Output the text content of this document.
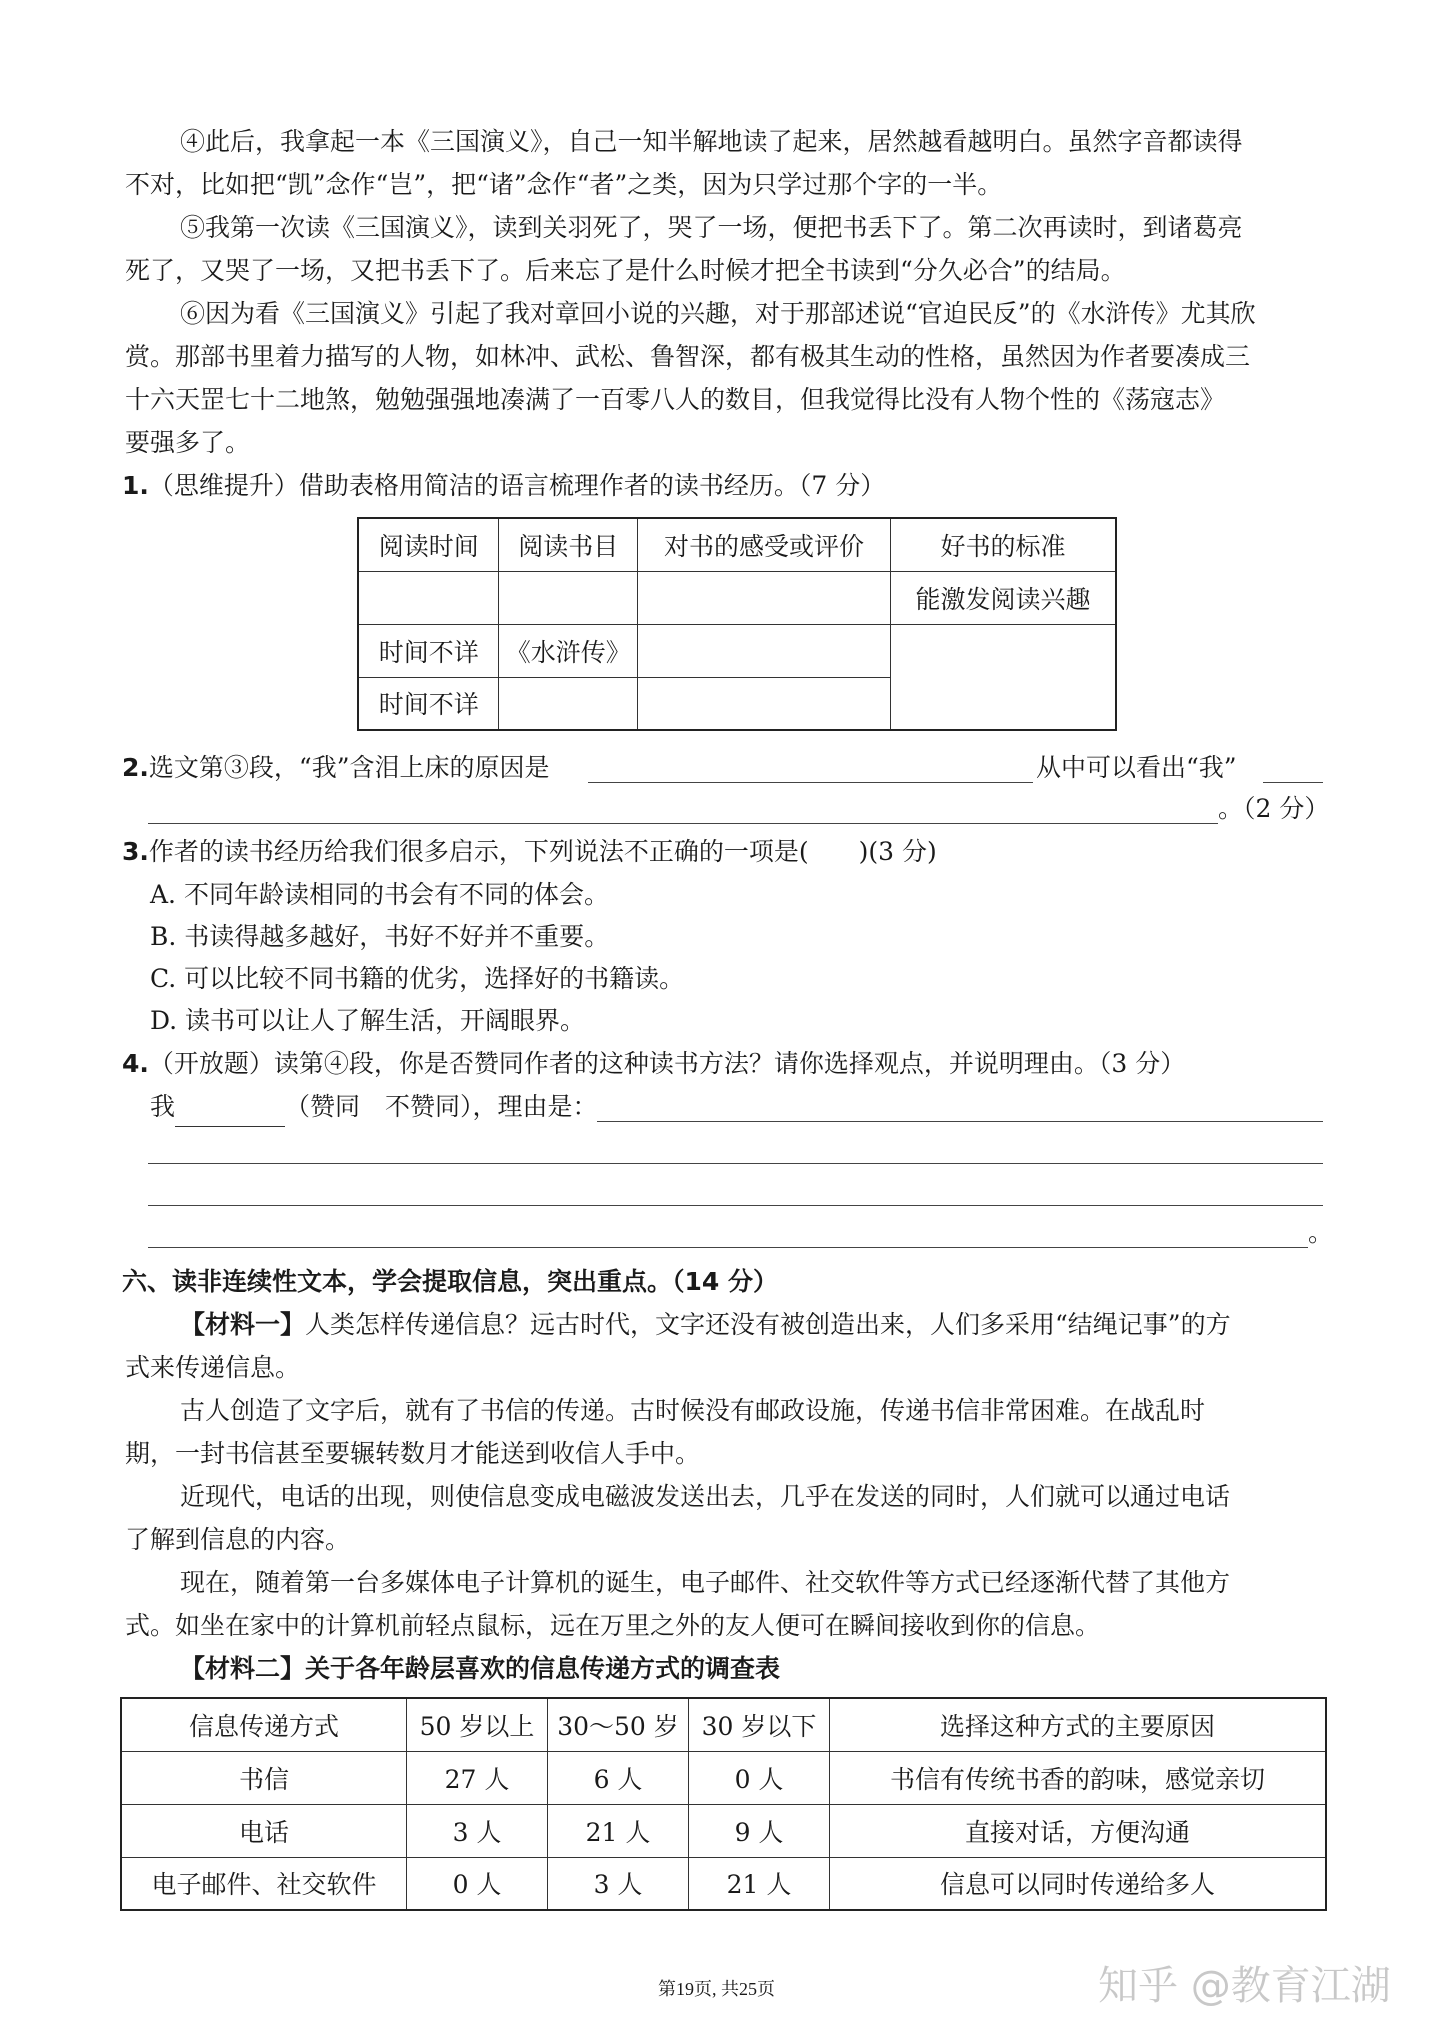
④此后，我拿起一本《三国演义》，自己一知半解地读了起来，居然越看越明白。虽然字音都读得
不对，比如把“凯”念作“岂”，把“诸”念作“者”之类，因为只学过那个字的一半。
⑤我第一次读《三国演义》，读到关羽死了，哭了一场，便把书丢下了。第二次再读时，到诸葛亮
死了，又哭了一场，又把书丢下了。后来忘了是什么时候才把全书读到“分久必合”的结局。
⑥因为看《三国演义》引起了我对章回小说的兴趣，对于那部述说“官迫民反”的《水浒传》尤其欣
赏。那部书里着力描写的人物，如林冲、武松、鲁智深，都有极其生动的性格，虽然因为作者要凑成三
十六天罡七十二地煞，勉勉强强地凑满了一百零八人的数目，但我觉得比没有人物个性的《荡寇志》
要强多了。
1.（思维提升）借助表格用简洁的语言梳理作者的读书经历。（7 分）
阅读时间	阅读书目	对书的感受或评价	好书的标准
			能激发阅读兴趣
时间不详	《水浒传》		
时间不详			
2.选文第③段，“我”含泪上床的原因是	从中可以看出“我”
。（2 分）
3.作者的读书经历给我们很多启示，下列说法不正确的一项是(　　)(3 分)
A. 不同年龄读相同的书会有不同的体会。
B. 书读得越多越好，书好不好并不重要。
C. 可以比较不同书籍的优劣，选择好的书籍读。
D. 读书可以让人了解生活，开阔眼界。
4.（开放题）读第④段，你是否赞同作者的这种读书方法？请你选择观点，并说明理由。（3 分）
我	（赞同　不赞同），理由是：
。
六、读非连续性文本，学会提取信息，突出重点。（14 分）
【材料一】人类怎样传递信息？远古时代，文字还没有被创造出来，人们多采用“结绳记事”的方
式来传递信息。
古人创造了文字后，就有了书信的传递。古时候没有邮政设施，传递书信非常困难。在战乱时
期，一封书信甚至要辗转数月才能送到收信人手中。
近现代，电话的出现，则使信息变成电磁波发送出去，几乎在发送的同时，人们就可以通过电话
了解到信息的内容。
现在，随着第一台多媒体电子计算机的诞生，电子邮件、社交软件等方式已经逐渐代替了其他方
式。如坐在家中的计算机前轻点鼠标，远在万里之外的友人便可在瞬间接收到你的信息。
【材料二】关于各年龄层喜欢的信息传递方式的调查表
信息传递方式	50 岁以上	30～50 岁	30 岁以下	选择这种方式的主要原因
书信	27 人	6 人	0 人	书信有传统书香的韵味，感觉亲切
电话	3 人	21 人	9 人	直接对话，方便沟通
电子邮件、社交软件	0 人	3 人	21 人	信息可以同时传递给多人
第19页, 共25页	知乎 @教育江湖
